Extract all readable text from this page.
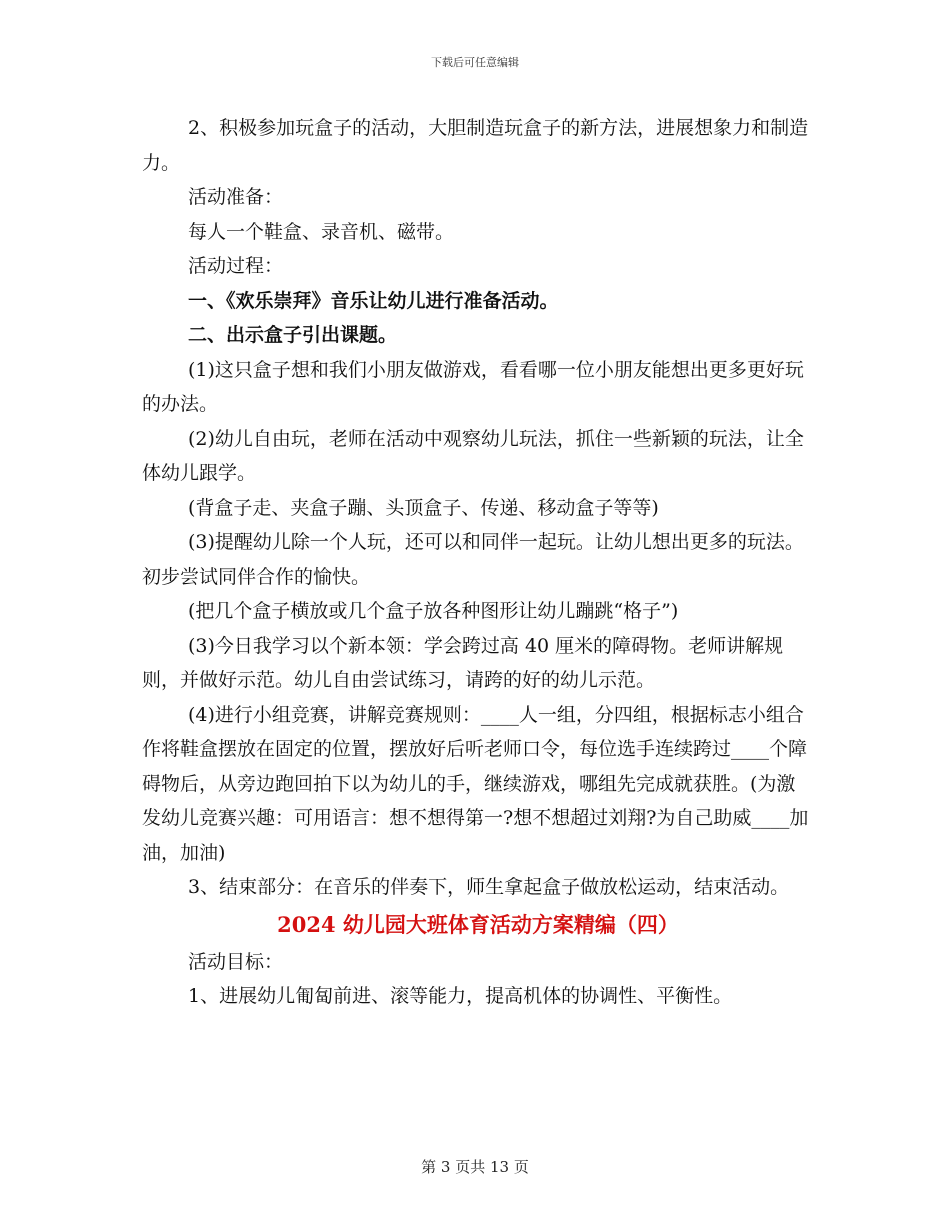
下载后可任意编辑

2、积极参加玩盒子的活动，大胆制造玩盒子的新方法，进展想象力和制造力。

活动准备：

每人一个鞋盒、录音机、磁带。

活动过程：

一、《欢乐崇拜》音乐让幼儿进行准备活动。

二、出示盒子引出课题。

(1)这只盒子想和我们小朋友做游戏，看看哪一位小朋友能想出更多更好玩的办法。

(2)幼儿自由玩，老师在活动中观察幼儿玩法，抓住一些新颖的玩法，让全体幼儿跟学。

(背盒子走、夹盒子蹦、头顶盒子、传递、移动盒子等等)

(3)提醒幼儿除一个人玩，还可以和同伴一起玩。让幼儿想出更多的玩法。初步尝试同伴合作的愉快。

(把几个盒子横放或几个盒子放各种图形让幼儿蹦跳“格子”)

(3)今日我学习以个新本领：学会跨过高 40 厘米的障碍物。老师讲解规则，并做好示范。幼儿自由尝试练习，请跨的好的幼儿示范。

(4)进行小组竞赛，讲解竞赛规则：____人一组，分四组，根据标志小组合作将鞋盒摆放在固定的位置，摆放好后听老师口令，每位选手连续跨过____个障碍物后，从旁边跑回拍下以为幼儿的手，继续游戏，哪组先完成就获胜。(为激发幼儿竞赛兴趣：可用语言：想不想得第一?想不想超过刘翔?为自己助威____加油，加油)

3、结束部分：在音乐的伴奏下，师生拿起盒子做放松运动，结束活动。

2024 幼儿园大班体育活动方案精编（四）

活动目标：

1、进展幼儿匍匐前进、滚等能力，提高机体的协调性、平衡性。

第 3 页共 13 页
